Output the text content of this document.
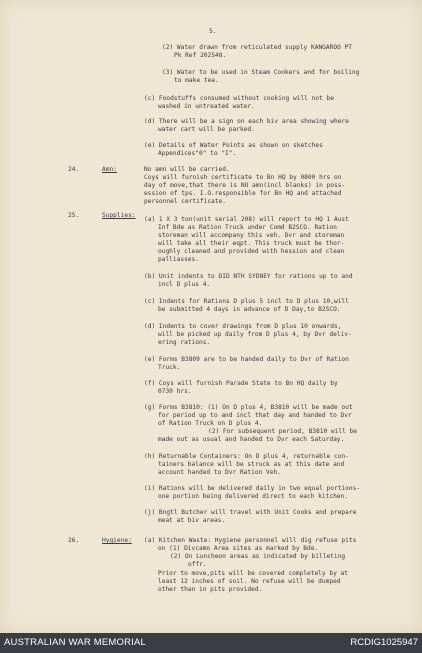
5.
(2) Water drawn from reticulated supply KANGAROO PT
Pk Ref 202548.
(3) Water to be used in Steam Cookers and for boiling
to make tea.
(c) Foodstuffs consumed without cooking will not be
washed in untreated water.
(d) There will be a sign on each biv area showing where
water cart will be parked.
(e) Details of Water Points as shown on sketches
Appendices"0" to "I".
24.	Amn:	No amn will be carried.
Coys will furnish certificate to Bn HQ by 0800 hrs on
day of move,that there is NO amn(incl blanks) in poss-
ession of tps. I.O.responsible for Bn HQ and attached
personnel certificate.
25.	Supplies:
(a) 1 X 3 ton(unit serial 208) will report to HQ 1 Aust
Inf Bde as Ration Truck under Comd B2SCO. Ration
storeman will accompany this veh. Dvr and storeman
will take all their eqpt. This truck must be thor-
oughly cleaned and provided with hession and clean
palliasses.
(b) Unit indents to DID NTH SYDNEY for rations up to and
incl D plus 4.
(c) Indents for Rations D plus 5 incl to D plus 10,will
be submitted 4 days in advance of D Day,to B2SCO.
(d) Indents to cover drawings from D plus 10 onwards,
will be picked up daily from D plus 4, by Dvr deliv-
ering rations.
(e) Forms B3809 are to be handed daily to Dvr of Ration
Truck.
(f) Coys will furnish Parade State to Bn HQ daily by
0730 hrs.
(g) Forms B3810: (1) On D plus 4, B3810 will be made out
for period up to and incl that day and handed to Dvr
of Ration Truck on D plus 4.
(2) For subsequent period, B3810 will be
made out as usual and handed to Dvr each Saturday.
(h) Returnable Containers: On D plus 4, returnable con-
tainers balance will be struck as at this date and
account handed to Dvr Ration Veh.
(i) Rations will be delivered daily in two equal portions-
one portion being delivered direct to each kitchen.
(j) Bngtl Butcher will travel with Unit Cooks and prepare
meat at biv areas.
26.	Hygiene: (a) Kitchen Waste: Hygiene personnel will dig refuse pits
on (1) Divcamo Area sites as marked by Bde.
(2) On Luncheon areas as indicated by billeting
offr.
Prior to move,pits will be covered completely by at
least 12 inches of soil. No refuse will be dumped
other than in pits provided.
AUSTRALIAN WAR MEMORIAL	RCDIG1025947
